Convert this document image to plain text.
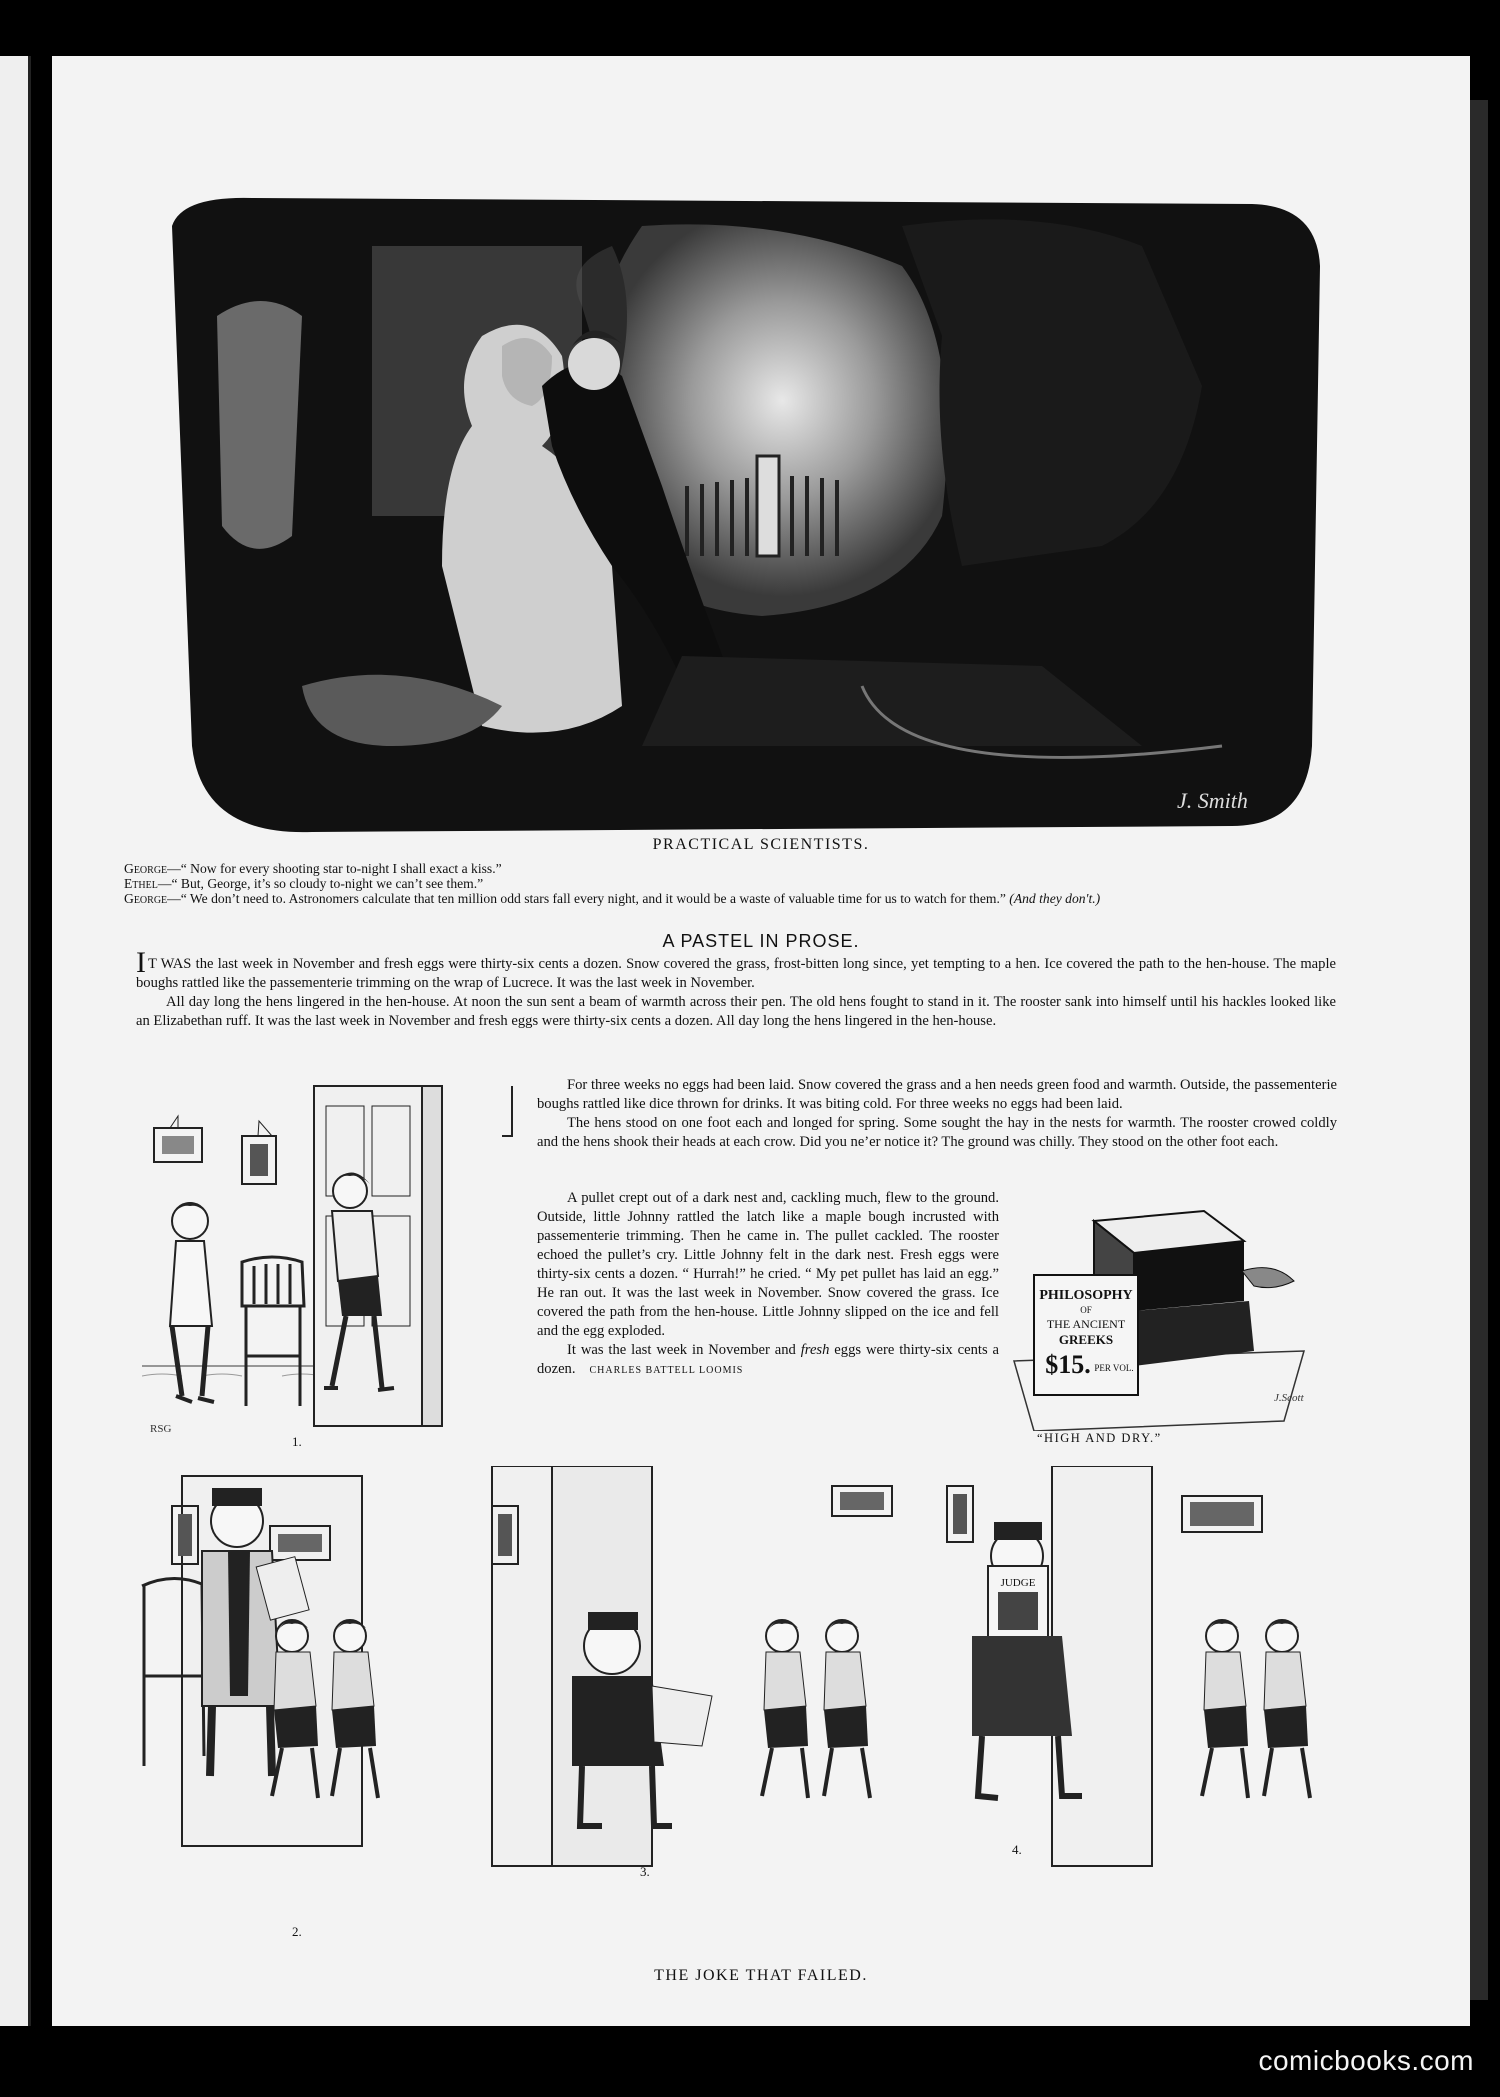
J. Smith
PRACTICAL SCIENTISTS.

George—“ Now for every shooting star to-night I shall exact a kiss.”

Ethel—“ But, George, it’s so cloudy to-night we can’t see them.”

George—“ We don’t need to. Astronomers calculate that ten million odd stars fall every night, and it would be a waste of valuable time for us to watch for them.” (And they don't.)

A PASTEL IN PROSE.

I T WAS the last week in November and fresh eggs were thirty-six cents a dozen. Snow covered the grass, frost-bitten long since, yet tempting to a hen. Ice covered the path to the hen-house. The maple boughs rattled like the passementerie trimming on the wrap of Lucrece. It was the last week in November.

All day long the hens lingered in the hen-house. At noon the sun sent a beam of warmth across their pen. The old hens fought to stand in it. The rooster sank into himself until his hackles looked like an Elizabethan ruff. It was the last week in November and fresh eggs were thirty-six cents a dozen. All day long the hens lingered in the hen-house.

For three weeks no eggs had been laid. Snow covered the grass and a hen needs green food and warmth. Outside, the passementerie boughs rattled like dice thrown for drinks. It was biting cold. For three weeks no eggs had been laid.

The hens stood on one foot each and longed for spring. Some sought the hay in the nests for warmth. The rooster crowed coldly and the hens shook their heads at each crow. Did you ne’er notice it? The ground was chilly. They stood on the other foot each.

A pullet crept out of a dark nest and, cackling much, flew to the ground. Outside, little Johnny rattled the latch like a maple bough incrusted with passementerie trimming. Then he came in. The pullet cackled. The rooster echoed the pullet’s cry. Little Johnny felt in the dark nest. Fresh eggs were thirty-six cents a dozen. “ Hurrah!” he cried. “ My pet pullet has laid an egg.” He ran out. It was the last week in November. Snow covered the grass. Ice covered the path from the hen-house. Little Johnny slipped on the ice and fell and the egg exploded.

It was the last week in November and fresh eggs were thirty-six cents a dozen. CHARLES BATTELL LOOMIS

RSG
1.
PHILOSOPHY
OF
THE ANCIENT
GREEKS
$15. PER VOL.
J.Scott
“HIGH AND DRY.”
2.
3.
JUDGE
4.
THE JOKE THAT FAILED.
comicbooks.com
